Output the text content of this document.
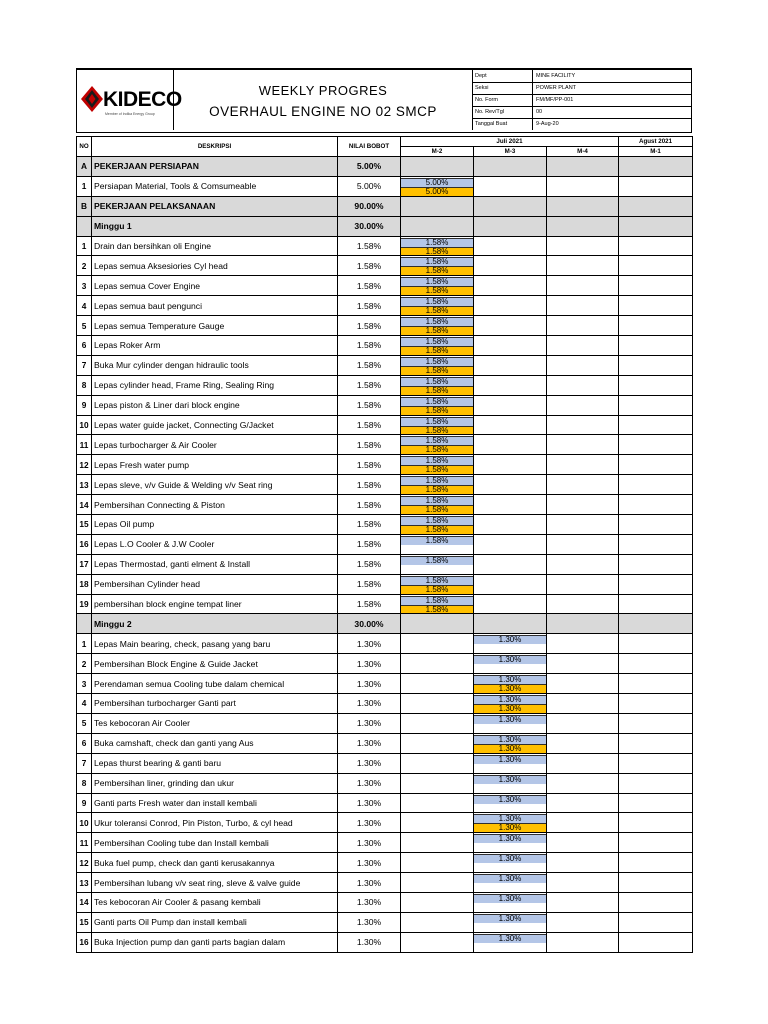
KIDECO
Member of Indika Energy Group
WEEKLY PROGRES
OVERHAUL ENGINE NO 02 SMCP
Dept	MINE FACILITY
Seksi	POWER PLANT
No. Form	FM/MF/PP-001
No. Rev/Tgl	00
Tanggal Buat	9-Aug-20
NO	DESKRIPSI	NILAI BOBOT	Juli 2021			Agust 2021
			M-2	M-3	M-4	M-1
A	PEKERJAAN PERSIAPAN	5.00%				
1	Persiapan Material, Tools & Comsumeable	5.00%	5.00%
5.00%			

B	PEKERJAAN PELAKSANAAN	90.00%				
	Minggu 1	30.00%				
1	Drain dan bersihkan oli Engine	1.58%	1.58%
1.58%			

2	Lepas semua Aksesiories Cyl head	1.58%	1.58%
1.58%			

3	Lepas semua Cover Engine	1.58%	1.58%
1.58%			

4	Lepas semua baut pengunci	1.58%	1.58%
1.58%			

5	Lepas semua Temperature Gauge	1.58%	1.58%
1.58%			

6	Lepas Roker Arm	1.58%	1.58%
1.58%			

7	Buka Mur cylinder dengan hidraulic tools	1.58%	1.58%
1.58%			

8	Lepas cylinder head, Frame Ring, Sealing Ring	1.58%	1.58%
1.58%			

9	Lepas piston & Liner dari block engine	1.58%	1.58%
1.58%			

10	Lepas water guide jacket, Connecting G/Jacket	1.58%	1.58%
1.58%			

11	Lepas turbocharger & Air Cooler	1.58%	1.58%
1.58%			

12	Lepas Fresh water pump	1.58%	1.58%
1.58%			

13	Lepas sleve, v/v Guide & Welding v/v Seat ring	1.58%	1.58%
1.58%			

14	Pembersihan Connecting & Piston	1.58%	1.58%
1.58%			

15	Lepas Oil pump	1.58%	1.58%
1.58%			

16	Lepas L.O Cooler & J.W Cooler	1.58%	1.58%			

17	Lepas Thermostad, ganti elment & Install	1.58%	1.58%			

18	Pembersihan Cylinder head	1.58%	1.58%
1.58%			

19	pembersihan block engine tempat liner	1.58%	1.58%
1.58%			

	Minggu 2	30.00%				
1	Lepas Main bearing, check, pasang yang baru	1.30%		1.30%		

2	Pembersihan Block Engine & Guide Jacket	1.30%		1.30%		

3	Perendaman semua Cooling tube dalam chemical	1.30%		1.30%
1.30%		

4	Pembersihan turbocharger Ganti part	1.30%		1.30%
1.30%		

5	Tes kebocoran Air Cooler	1.30%		1.30%		

6	Buka camshaft, check dan ganti yang Aus	1.30%		1.30%
1.30%		

7	Lepas thurst bearing & ganti baru	1.30%		1.30%		

8	Pembersihan liner, grinding dan ukur	1.30%		1.30%		

9	Ganti parts Fresh water dan install kembali	1.30%		1.30%		

10	Ukur toleransi Conrod, Pin Piston, Turbo, & cyl head	1.30%		1.30%
1.30%		

11	Pembersihan Cooling tube dan Install kembali	1.30%		1.30%		

12	Buka fuel pump, check dan ganti kerusakannya	1.30%		1.30%		

13	Pembersihan lubang v/v seat ring, sleve & valve guide	1.30%		1.30%		

14	Tes kebocoran Air Cooler & pasang kembali	1.30%		1.30%		

15	Ganti parts Oil Pump dan install kembali	1.30%		1.30%		

16	Buka Injection pump dan ganti parts bagian dalam	1.30%		1.30%		
